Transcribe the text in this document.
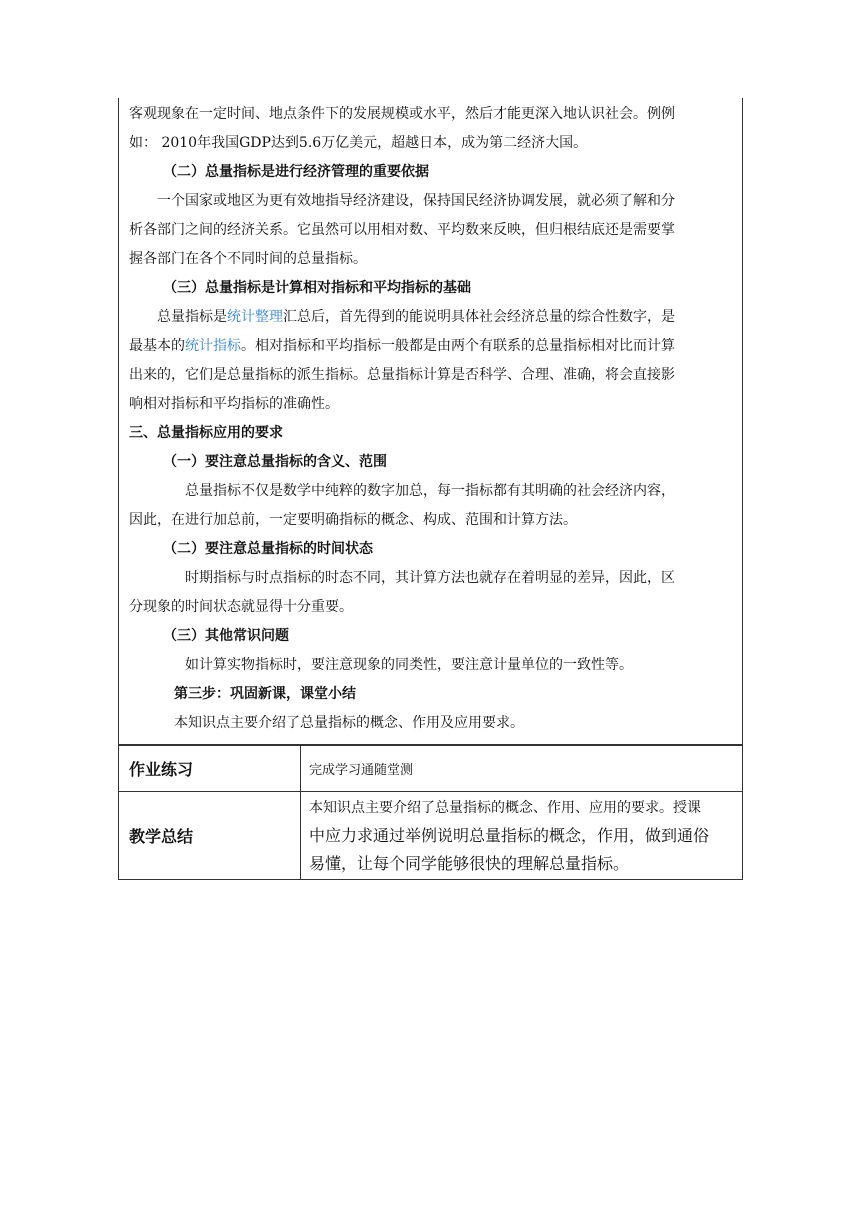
客观现象在一定时间、地点条件下的发展规模或水平，然后才能更深入地认识社会。例例

如： 2010年我国GDP达到5.6万亿美元，超越日本，成为第二经济大国。

（二）总量指标是进行经济管理的重要依据

一个国家或地区为更有效地指导经济建设，保持国民经济协调发展，就必须了解和分

析各部门之间的经济关系。它虽然可以用相对数、平均数来反映，但归根结底还是需要掌

握各部门在各个不同时间的总量指标。

（三）总量指标是计算相对指标和平均指标的基础

总量指标是统计整理汇总后，首先得到的能说明具体社会经济总量的综合性数字，是

最基本的统计指标。相对指标和平均指标一般都是由两个有联系的总量指标相对比而计算

出来的，它们是总量指标的派生指标。总量指标计算是否科学、合理、准确，将会直接影

响相对指标和平均指标的准确性。

三、总量指标应用的要求

（一）要注意总量指标的含义、范围

总量指标不仅是数学中纯粹的数字加总，每一指标都有其明确的社会经济内容，

因此，在进行加总前，一定要明确指标的概念、构成、范围和计算方法。

（二）要注意总量指标的时间状态

时期指标与时点指标的时态不同，其计算方法也就存在着明显的差异，因此，区

分现象的时间状态就显得十分重要。

（三）其他常识问题

如计算实物指标时，要注意现象的同类性，要注意计量单位的一致性等。

第三步：巩固新课，课堂小结

本知识点主要介绍了总量指标的概念、作用及应用要求。

作业练习	完成学习通随堂测
教学总结
本知识点主要介绍了总量指标的概念、作用、应用的要求。授课
中应力求通过举例说明总量指标的概念，作用，做到通俗
易懂，让每个同学能够很快的理解总量指标。
